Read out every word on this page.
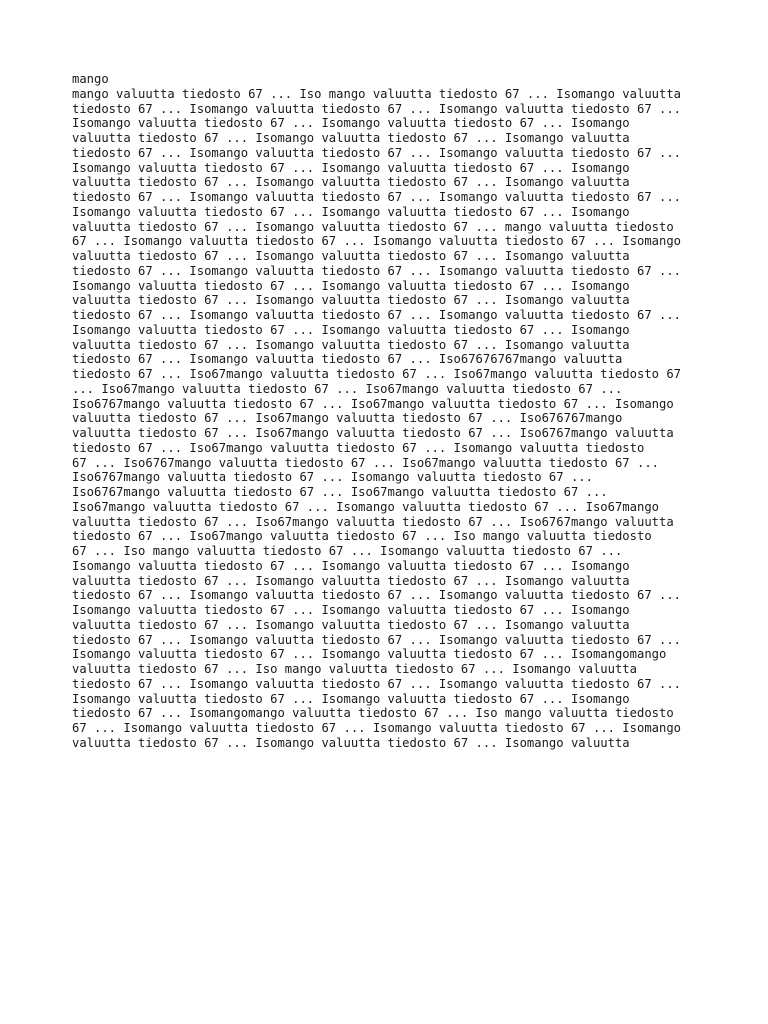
mango
mango valuutta tiedosto 67 ... Iso mango valuutta tiedosto 67 ... Isomango valuutta
tiedosto 67 ... Isomango valuutta tiedosto 67 ... Isomango valuutta tiedosto 67 ...
Isomango valuutta tiedosto 67 ... Isomango valuutta tiedosto 67 ... Isomango
valuutta tiedosto 67 ... Isomango valuutta tiedosto 67 ... Isomango valuutta
tiedosto 67 ... Isomango valuutta tiedosto 67 ... Isomango valuutta tiedosto 67 ...
Isomango valuutta tiedosto 67 ... Isomango valuutta tiedosto 67 ... Isomango
valuutta tiedosto 67 ... Isomango valuutta tiedosto 67 ... Isomango valuutta
tiedosto 67 ... Isomango valuutta tiedosto 67 ... Isomango valuutta tiedosto 67 ...
Isomango valuutta tiedosto 67 ... Isomango valuutta tiedosto 67 ... Isomango
valuutta tiedosto 67 ... Isomango valuutta tiedosto 67 ... mango valuutta tiedosto
67 ... Isomango valuutta tiedosto 67 ... Isomango valuutta tiedosto 67 ... Isomango
valuutta tiedosto 67 ... Isomango valuutta tiedosto 67 ... Isomango valuutta
tiedosto 67 ... Isomango valuutta tiedosto 67 ... Isomango valuutta tiedosto 67 ...
Isomango valuutta tiedosto 67 ... Isomango valuutta tiedosto 67 ... Isomango
valuutta tiedosto 67 ... Isomango valuutta tiedosto 67 ... Isomango valuutta
tiedosto 67 ... Isomango valuutta tiedosto 67 ... Isomango valuutta tiedosto 67 ...
Isomango valuutta tiedosto 67 ... Isomango valuutta tiedosto 67 ... Isomango
valuutta tiedosto 67 ... Isomango valuutta tiedosto 67 ... Isomango valuutta
tiedosto 67 ... Isomango valuutta tiedosto 67 ... Iso67676767mango valuutta
tiedosto 67 ... Iso67mango valuutta tiedosto 67 ... Iso67mango valuutta tiedosto 67
... Iso67mango valuutta tiedosto 67 ... Iso67mango valuutta tiedosto 67 ...
Iso6767mango valuutta tiedosto 67 ... Iso67mango valuutta tiedosto 67 ... Isomango
valuutta tiedosto 67 ... Iso67mango valuutta tiedosto 67 ... Iso676767mango
valuutta tiedosto 67 ... Iso67mango valuutta tiedosto 67 ... Iso6767mango valuutta
tiedosto 67 ... Iso67mango valuutta tiedosto 67 ... Isomango valuutta tiedosto
67 ... Iso6767mango valuutta tiedosto 67 ... Iso67mango valuutta tiedosto 67 ...
Iso6767mango valuutta tiedosto 67 ... Isomango valuutta tiedosto 67 ...
Iso6767mango valuutta tiedosto 67 ... Iso67mango valuutta tiedosto 67 ...
Iso67mango valuutta tiedosto 67 ... Isomango valuutta tiedosto 67 ... Iso67mango
valuutta tiedosto 67 ... Iso67mango valuutta tiedosto 67 ... Iso6767mango valuutta
tiedosto 67 ... Iso67mango valuutta tiedosto 67 ... Iso mango valuutta tiedosto
67 ... Iso mango valuutta tiedosto 67 ... Isomango valuutta tiedosto 67 ...
Isomango valuutta tiedosto 67 ... Isomango valuutta tiedosto 67 ... Isomango
valuutta tiedosto 67 ... Isomango valuutta tiedosto 67 ... Isomango valuutta
tiedosto 67 ... Isomango valuutta tiedosto 67 ... Isomango valuutta tiedosto 67 ...
Isomango valuutta tiedosto 67 ... Isomango valuutta tiedosto 67 ... Isomango
valuutta tiedosto 67 ... Isomango valuutta tiedosto 67 ... Isomango valuutta
tiedosto 67 ... Isomango valuutta tiedosto 67 ... Isomango valuutta tiedosto 67 ...
Isomango valuutta tiedosto 67 ... Isomango valuutta tiedosto 67 ... Isomangomango
valuutta tiedosto 67 ... Iso mango valuutta tiedosto 67 ... Isomango valuutta
tiedosto 67 ... Isomango valuutta tiedosto 67 ... Isomango valuutta tiedosto 67 ...
Isomango valuutta tiedosto 67 ... Isomango valuutta tiedosto 67 ... Isomango
tiedosto 67 ... Isomangomango valuutta tiedosto 67 ... Iso mango valuutta tiedosto
67 ... Isomango valuutta tiedosto 67 ... Isomango valuutta tiedosto 67 ... Isomango
valuutta tiedosto 67 ... Isomango valuutta tiedosto 67 ... Isomango valuutta
